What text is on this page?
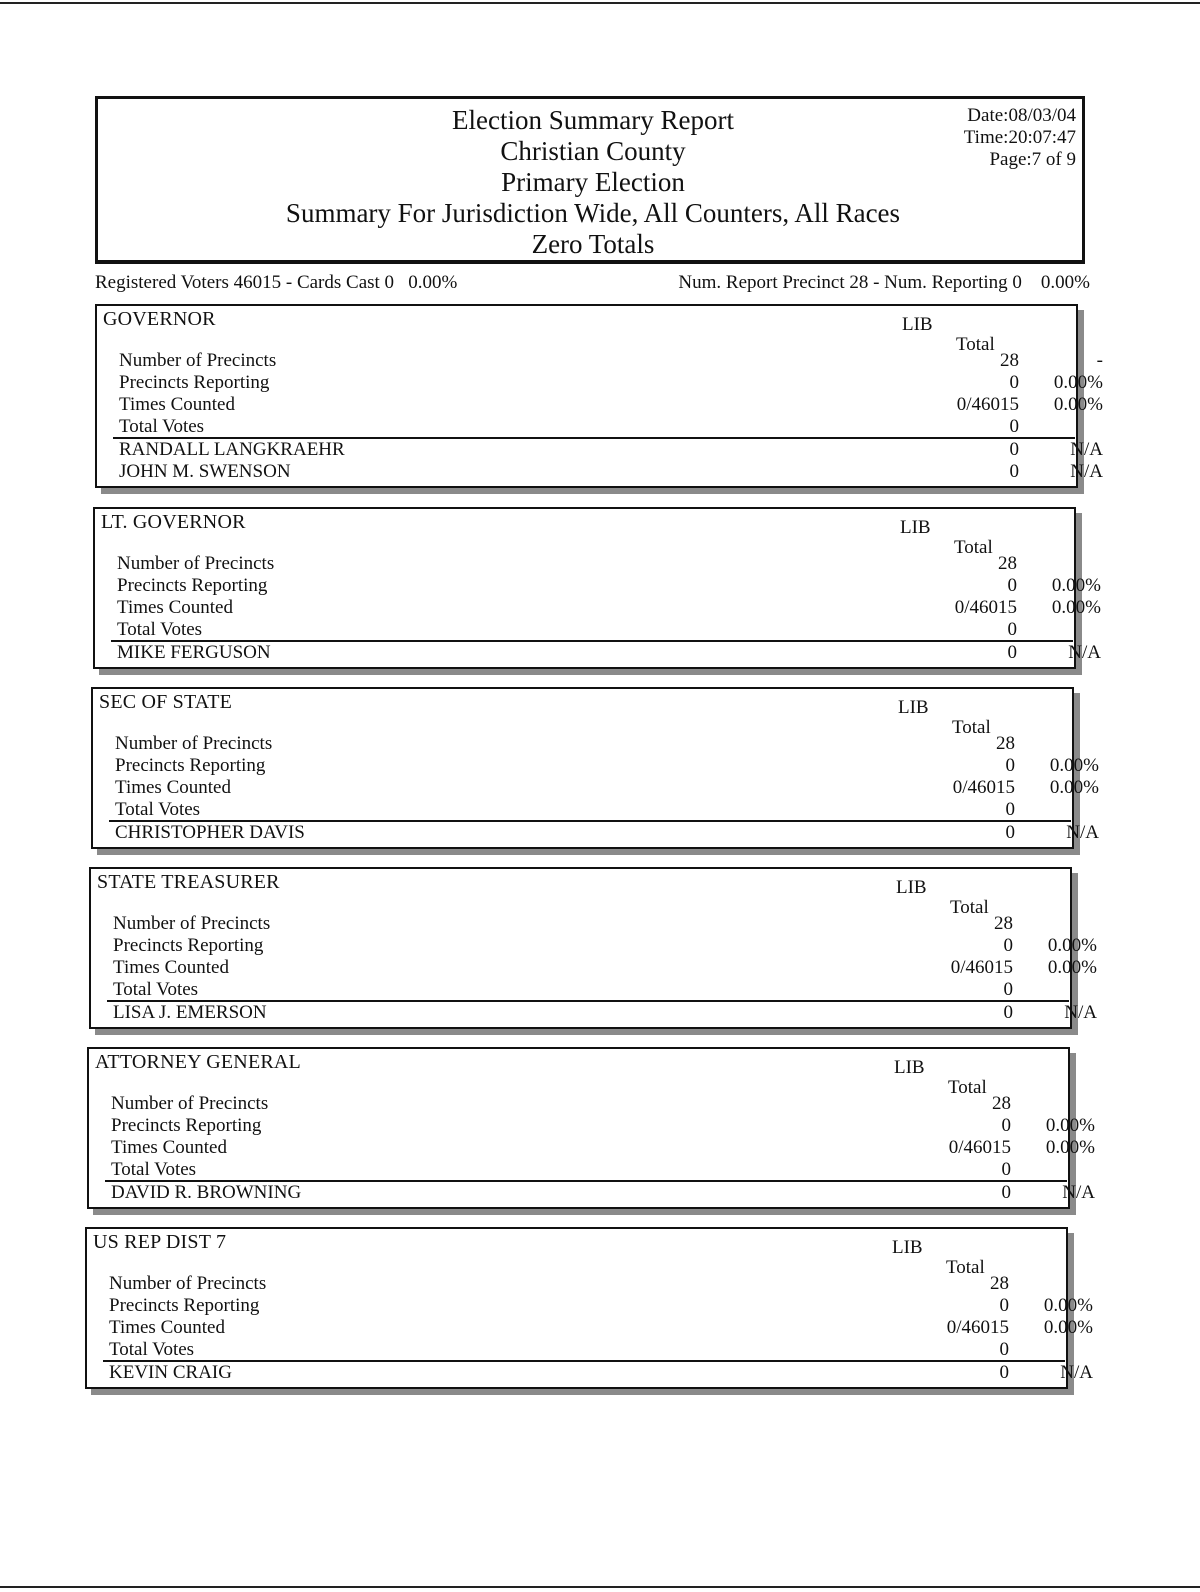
Election Summary Report
Christian County
Primary Election
Summary For Jurisdiction Wide, All Counters, All Races
Zero Totals
Date:08/03/04
Time:20:07:47
Page:7 of 9
Registered Voters 46015 - Cards Cast 0   0.00%	Num. Report Precinct 28 - Num. Reporting 0    0.00%
GOVERNOR	LIB
Total
Number of Precincts	28	-
Precincts Reporting	0	0.00%
Times Counted	0/46015	0.00%
Total Votes	0
RANDALL LANGKRAEHR	0	N/A
JOHN M. SWENSON	0	N/A
LT. GOVERNOR	LIB
Total
Number of Precincts	28
Precincts Reporting	0	0.00%
Times Counted	0/46015	0.00%
Total Votes	0
MIKE FERGUSON	0	N/A
SEC OF STATE	LIB
Total
Number of Precincts	28
Precincts Reporting	0	0.00%
Times Counted	0/46015	0.00%
Total Votes	0
CHRISTOPHER DAVIS	0	N/A
STATE TREASURER	LIB
Total
Number of Precincts	28
Precincts Reporting	0	0.00%
Times Counted	0/46015	0.00%
Total Votes	0
LISA J. EMERSON	0	N/A
ATTORNEY GENERAL	LIB
Total
Number of Precincts	28
Precincts Reporting	0	0.00%
Times Counted	0/46015	0.00%
Total Votes	0
DAVID R. BROWNING	0	N/A
US REP DIST 7	LIB
Total
Number of Precincts	28
Precincts Reporting	0	0.00%
Times Counted	0/46015	0.00%
Total Votes	0
KEVIN CRAIG	0	N/A
